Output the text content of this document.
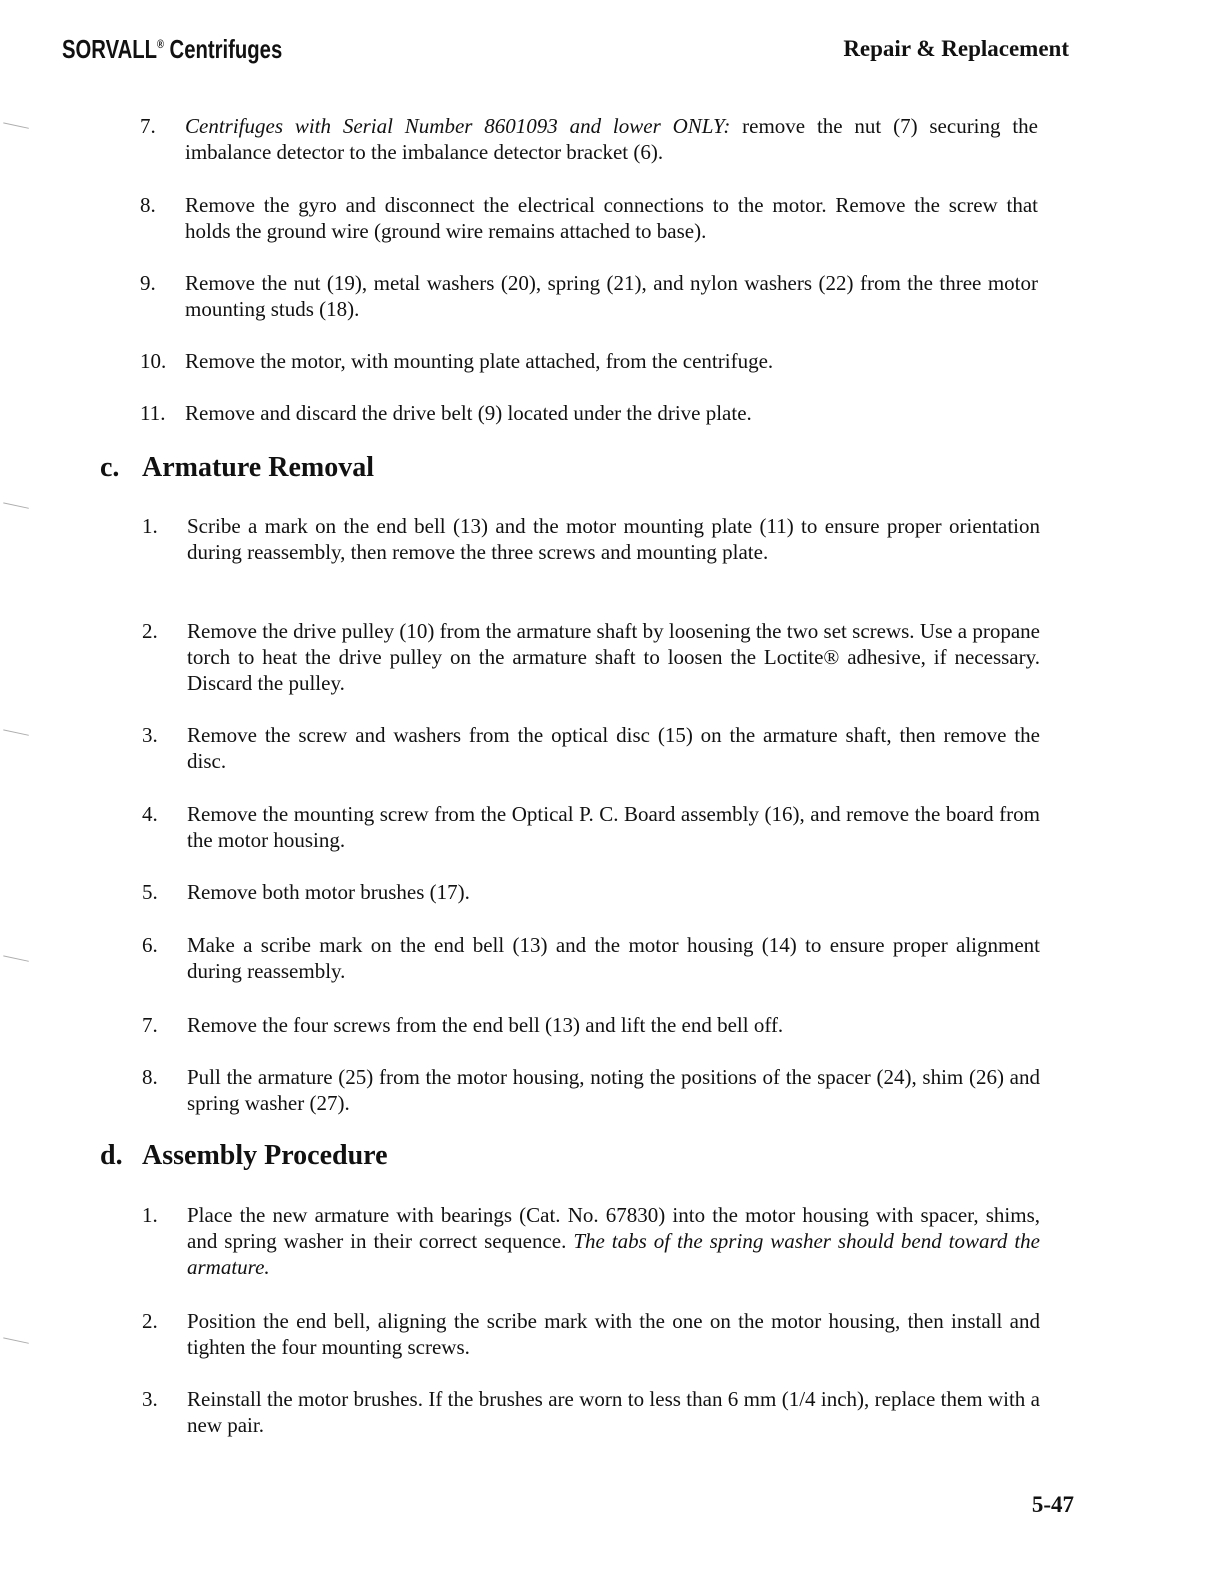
SORVALL® Centrifuges	Repair & Replacement
7.	Centrifuges with Serial Number 8601093 and lower ONLY: remove the nut (7) securing the imbalance detector to the imbalance detector bracket (6).
8.	Remove the gyro and disconnect the electrical connections to the motor. Remove the screw that holds the ground wire (ground wire remains attached to base).
9.	Remove the nut (19), metal washers (20), spring (21), and nylon washers (22) from the three motor mounting studs (18).
10. Remove the motor, with mounting plate attached, from the centrifuge.
11. Remove and discard the drive belt (9) located under the drive plate.
c. Armature Removal
1.	Scribe a mark on the end bell (13) and the motor mounting plate (11) to ensure proper orientation during reassembly, then remove the three screws and mounting plate.
2.	Remove the drive pulley (10) from the armature shaft by loosening the two set screws. Use a propane torch to heat the drive pulley on the armature shaft to loosen the Loctite® adhesive, if necessary. Discard the pulley.
3.	Remove the screw and washers from the optical disc (15) on the armature shaft, then remove the disc.
4.	Remove the mounting screw from the Optical P. C. Board assembly (16), and remove the board from the motor housing.
5.	Remove both motor brushes (17).
6.	Make a scribe mark on the end bell (13) and the motor housing (14) to ensure proper alignment during reassembly.
7.	Remove the four screws from the end bell (13) and lift the end bell off.
8.	Pull the armature (25) from the motor housing, noting the positions of the spacer (24), shim (26) and spring washer (27).
d. Assembly Procedure
1.	Place the new armature with bearings (Cat. No. 67830) into the motor housing with spacer, shims, and spring washer in their correct sequence. The tabs of the spring washer should bend toward the armature.
2.	Position the end bell, aligning the scribe mark with the one on the motor housing, then install and tighten the four mounting screws.
3.	Reinstall the motor brushes. If the brushes are worn to less than 6 mm (1/4 inch), replace them with a new pair.
5-47
